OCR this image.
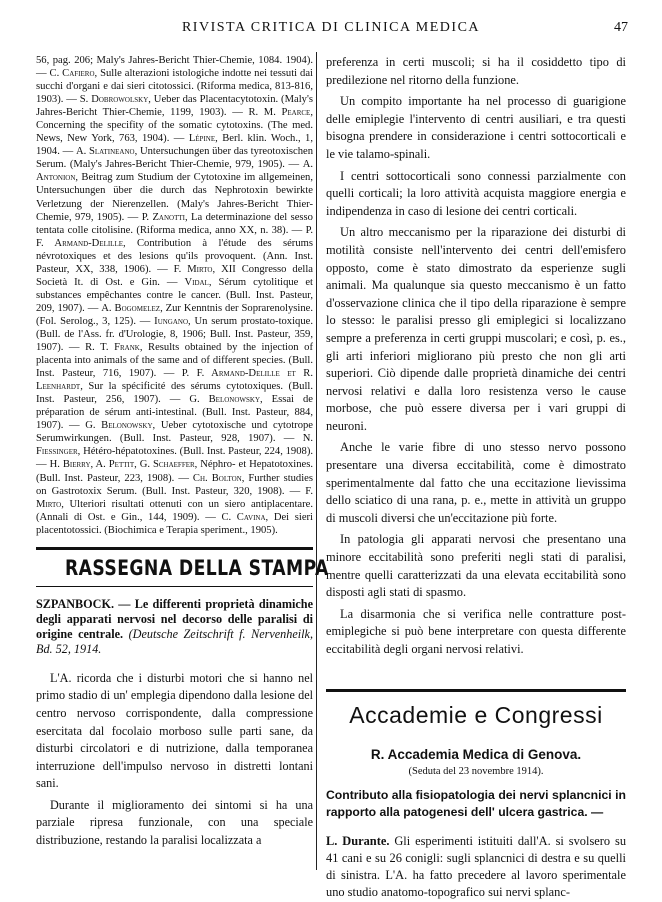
RIVISTA CRITICA DI CLINICA MEDICA	47

56, pag. 206; Maly's Jahres-Bericht Thier-Chemie, 1084. 1904). — C. Cafiero, Sulle alterazioni istologiche indotte nei tessuti dai succhi d'organi e dai sieri citotossici. (Riforma medica, 813-816, 1903). — S. Dobrowolsky, Ueber das Placentacytotoxin. (Maly's Jahres-Bericht Thier-Chemie, 1199, 1903). — R. M. Pearce, Concerning the specifity of the somatic cytotoxins. (The med. News, New York, 763, 1904). — Lépine, Berl. klin. Woch., 1, 1904. — A. Slatineano, Untersuchungen über das tyreotoxischen Serum. (Maly's Jahres-Bericht Thier-Chemie, 979, 1905). — A. Antonion, Beitrag zum Studium der Cytotoxine im allgemeinen, Untersuchungen über die durch das Nephrotoxin bewirkte Verletzung der Nierenzellen. (Maly's Jahres-Bericht Thier-Chemie, 979, 1905). — P. Zanotti, La determinazione del sesso tentata colle citolisine. (Riforma medica, anno XX, n. 38). — P. F. Armand-Delille, Contribution à l'étude des sérums névrotoxiques et des lesions qu'ils provoquent. (Ann. Inst. Pasteur, XX, 338, 1906). — F. Mirto, XII Congresso della Società It. di Ost. e Gin. — Vidal, Sérum cytolitique et substances empêchantes contre le cancer. (Bull. Inst. Pasteur, 209, 1907). — A. Bogomelez, Zur Kenntnis der Soprarenolysine. (Fol. Serolog., 3, 125). — Iungano, Un serum prostato-toxique. (Bull. de l'Ass. fr. d'Urologie, 8, 1906; Bull. Inst. Pasteur, 359, 1907). — R. T. Frank, Results obtained by the injection of placenta into animals of the same and of different species. (Bull. Inst. Pasteur, 716, 1907). — P. F. Armand-Delille et R. Leenhardt, Sur la spécificité des sérums cytotoxiques. (Bull. Inst. Pasteur, 256, 1907). — G. Belonowsky, Essai de préparation de sérum anti-intestinal. (Bull. Inst. Pasteur, 884, 1907). — G. Belonowsky, Ueber cytotoxische und cytotrope Serumwirkungen. (Bull. Inst. Pasteur, 928, 1907). — N. Fiessinger, Hétéro-hépatotoxines. (Bull. Inst. Pasteur, 224, 1908). — H. Bierry, A. Pettit, G. Schaeffer, Néphro- et Hepatotoxines. (Bull. Inst. Pasteur, 223, 1908). — Ch. Bolton, Further studies on Gastrotoxix Serum. (Bull. Inst. Pasteur, 320, 1908). — F. Mirto, Ulteriori risultati ottenuti con un siero antiplacentare. (Annali di Ost. e Gin., 144, 1909). — C. Cavina, Dei sieri placentotossici. (Biochimica e Terapia speriment., 1905).

RASSEGNA DELLA STAMPA

SZPANBOCK. — Le differenti proprietà dinamiche degli apparati nervosi nel decorso delle paralisi di origine centrale. (Deutsche Zeitschrift f. Nervenheilk, Bd. 52, 1914.

L'A. ricorda che i disturbi motori che si hanno nel primo stadio di un' emplegia dipendono dalla lesione del centro nervoso corrispondente, dalla compressione esercitata dal focolaio morboso sulle parti sane, da disturbi circolatori e di nutrizione, dalla temporanea interruzione dell'impulso nervoso in distretti lontani sani.

Durante il miglioramento dei sintomi si ha una parziale ripresa funzionale, con una speciale distribuzione, restando la paralisi localizzata a

preferenza in certi muscoli; si ha il cosiddetto tipo di predilezione nel ritorno della funzione.

Un compito importante ha nel processo di guarigione delle emiplegie l'intervento di centri ausiliari, e tra questi bisogna prendere in considerazione i centri sottocorticali e le vie talamo-spinali.

I centri sottocorticali sono connessi parzialmente con quelli corticali; la loro attività acquista maggiore energia e indipendenza in caso di lesione dei centri corticali.

Un altro meccanismo per la riparazione dei disturbi di motilità consiste nell'intervento dei centri dell'emisfero opposto, come è stato dimostrato da esperienze sugli animali. Ma qualunque sia questo meccanismo è un fatto d'osservazione clinica che il tipo della riparazione è sempre lo stesso: le paralisi presso gli emiplegici si localizzano sempre a preferenza in certi gruppi muscolari; e così, p. es., gli arti inferiori migliorano più presto che non gli arti superiori. Ciò dipende dalle proprietà dinamiche dei centri nervosi relativi e dalla loro resistenza verso le cause morbose, che può essere diversa per i vari gruppi di neuroni.

Anche le varie fibre di uno stesso nervo possono presentare una diversa eccitabilità, come è dimostrato sperimentalmente dal fatto che una eccitazione lievissima dello sciatico di una rana, p. e., mette in attività un gruppo di muscoli diversi che un'eccitazione più forte.

In patologia gli apparati nervosi che presentano una minore eccitabilità sono preferiti negli stati di paralisi, mentre quelli caratterizzati da una elevata eccitabilità sono disposti agli stati di spasmo.

La disarmonia che si verifica nelle contratture post-emiplegiche si può bene interpretare con questa differente eccitabilità degli organi nervosi relativi.

Accademie e Congressi
R. Accademia Medica di Genova.
(Seduta del 23 novembre 1914).

Contributo alla fisiopatologia dei nervi splancnici in rapporto alla patogenesi dell' ulcera gastrica. —

L. Durante. Gli esperimenti istituiti dall'A. si svolsero su 41 cani e su 26 conigli: sugli splancnici di destra e su quelli di sinistra. L'A. ha fatto precedere al lavoro sperimentale uno studio anatomo-topografico sui nervi splanc-
